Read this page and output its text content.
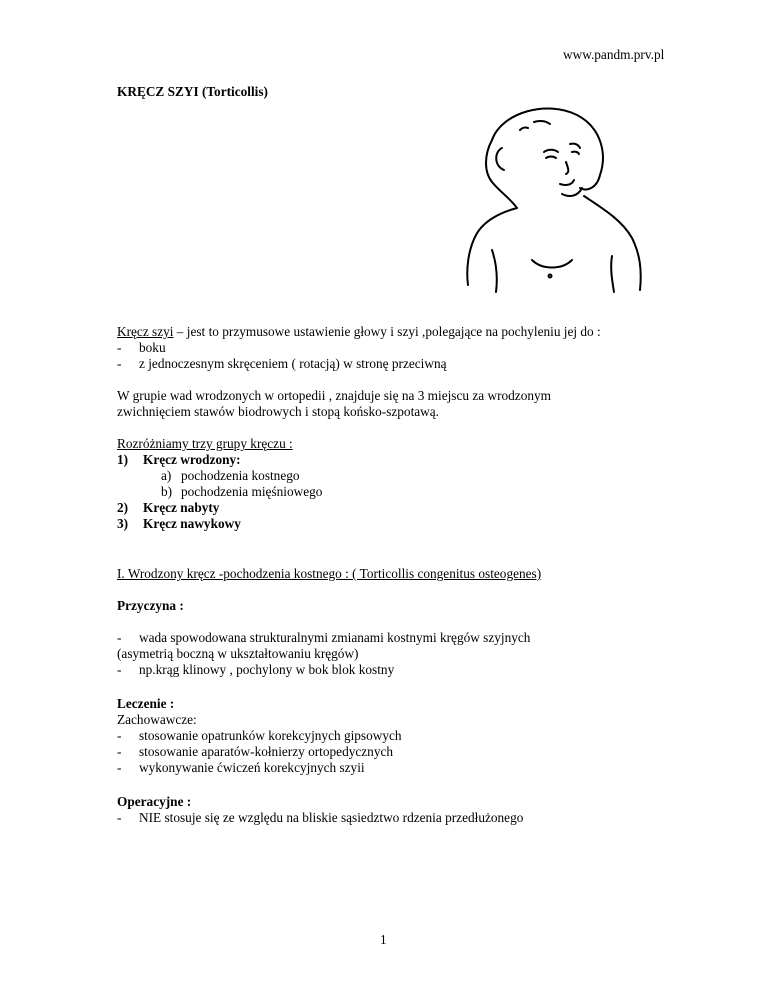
www.pandm.prv.pl
KRĘCZ SZYI (Torticollis)
Kręcz szyi – jest to przymusowe ustawienie głowy i szyi ,polegające na pochyleniu jej do :
- boku
- z jednoczesnym skręceniem ( rotacją) w stronę przeciwną
W grupie wad wrodzonych w ortopedii , znajduje się na 3 miejscu za wrodzonym
zwichnięciem stawów biodrowych i stopą końsko-szpotawą.
Rozróżniamy trzy grupy kręczu :
1) Kręcz wrodzony:
a) pochodzenia kostnego
b) pochodzenia mięśniowego
2) Kręcz nabyty
3) Kręcz nawykowy
I. Wrodzony kręcz -pochodzenia kostnego : ( Torticollis congenitus osteogenes)
Przyczyna :
- wada spowodowana strukturalnymi zmianami kostnymi kręgów szyjnych
(asymetrią boczną w ukształtowaniu kręgów)
- np.krąg klinowy , pochylony w bok blok kostny
Leczenie :
Zachowawcze:
- stosowanie opatrunków korekcyjnych gipsowych
- stosowanie aparatów-kołnierzy ortopedycznych
- wykonywanie ćwiczeń korekcyjnych szyii
Operacyjne :
- NIE stosuje się ze względu na bliskie sąsiedztwo rdzenia przedłużonego
1
